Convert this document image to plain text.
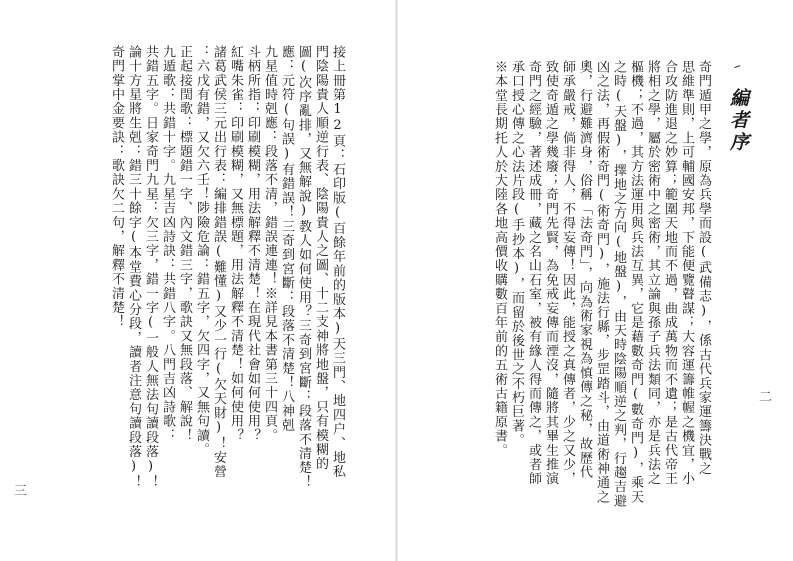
接上冊第12頁：石印版(百餘年前的版本)天三門、地四户、地私
門陰陽貴人順逆行表、陰陽貴人之圖、十二支神將地盤，只有模糊的
圖(次序亂排，又無解說)教人如何使用？三奇到宮斷：段落不清楚！
應：元符(句誤)有錯誤！三奇到宮斷：段落不清楚！八神剋
九星值時剋應：段落不清，錯誤連連！※詳見本書第三十四頁。
斗柄所指：印刷模糊，用法解釋不清楚！在現代社會如何使用？
紅嘴朱雀：印刷模糊，又無標題，用法解釋不清楚！如何使用？
諸葛武侯三元出行表：編排錯誤(難懂)又少一行(欠天財)！安營
：六戊有錯，又欠六壬！陟險危論：錯五字，欠四字，又無句讀。
正起接閏歌：標題錯一字、內文錯三字，歌訣又無段落、解說！
九遁歌：共錯十字。九星吉凶詩訣：共錯八字。八門吉凶詩歌：
共錯五字。日家奇門九星：欠三字，錯一字(一般人無法句讀段落)！
論十方星將生剋：錯三十餘字(本堂費心分段，讀者注意句讀段落)！
奇門掌中金要訣：歌訣欠二句，解釋不清楚！
三
編者序
奇門遁甲之學，原為兵學而設(武備志)，係古代兵家運籌決戰之
思維準則，上可輔國安邦，下能便覽瞽謀；大容運籌帷幄之機宜，小
合攻防進退之妙算；範圍天地而不過，曲成萬物而不遺；是古代帝王
將相之學，屬於密術中之密術，其立論與孫子兵法類同，亦是兵法之
樞機；不過，其方法運用與兵法互異，它是藉數奇門(數奇門)，乘天
之時(天盤)，擇地之方向(地盤)，由天時陰陽順逆之判，行趨吉避
凶之法，再假術奇門(術奇門)，施法行縣，步罡踏斗，由道術神通之
奧，行避難濟身，俗稱「法奇門」，向為術家視為慎傳之秘，故歷代
師承嚴戒，倘非得人，不得妄傳！因此，能授之真傳者，少之又少，
致使奇遁之學幾廢；奇門先賢，為免戒妄傳而湮沒，隨將其畢生推演
奇門之經驗，著述成冊，藏之名山石室，被有緣人得而傳之，或者師
承口授心傳之心法片段(手抄本)，而留於後世之不朽巨著。
※本堂長期托人於大陸各地高價收購數百年前的五術古籍原書。	二
